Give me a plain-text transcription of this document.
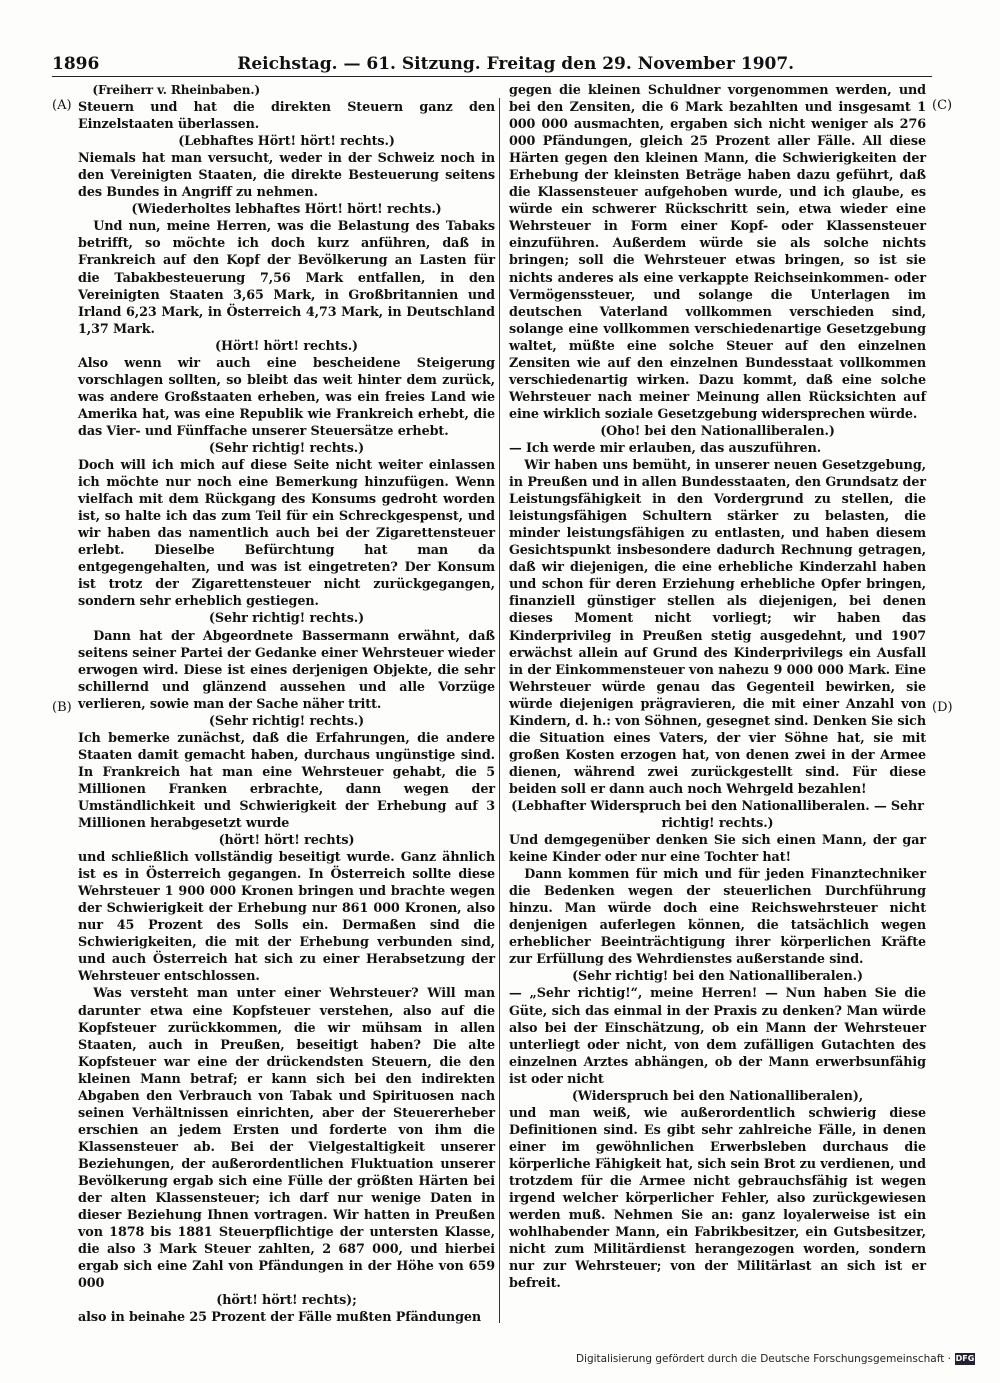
1896	Reichstag. — 61. Sitzung. Freitag den 29. November 1907.
(A)
(B)
(C)
(D)

(Freiherr v. Rheinbaben.)

Steuern und hat die direkten Steuern ganz den Einzelstaaten überlassen.

(Lebhaftes Hört! hört! rechts.)

Niemals hat man versucht, weder in der Schweiz noch in den Vereinigten Staaten, die direkte Besteuerung seitens des Bundes in Angriff zu nehmen.

(Wiederholtes lebhaftes Hört! hört! rechts.)

Und nun, meine Herren, was die Belastung des Tabaks betrifft, so möchte ich doch kurz anführen, daß in Frankreich auf den Kopf der Bevölkerung an Lasten für die Tabakbesteuerung 7,56 Mark entfallen, in den Vereinigten Staaten 3,65 Mark, in Großbritannien und Irland 6,23 Mark, in Österreich 4,73 Mark, in Deutschland 1,37 Mark.

(Hört! hört! rechts.)

Also wenn wir auch eine bescheidene Steigerung vorschlagen sollten, so bleibt das weit hinter dem zurück, was andere Großstaaten erheben, was ein freies Land wie Amerika hat, was eine Republik wie Frankreich erhebt, die das Vier- und Fünffache unserer Steuersätze erhebt.

(Sehr richtig! rechts.)

Doch will ich mich auf diese Seite nicht weiter einlassen ich möchte nur noch eine Bemerkung hinzufügen. Wenn vielfach mit dem Rückgang des Konsums gedroht worden ist, so halte ich das zum Teil für ein Schreckgespenst, und wir haben das namentlich auch bei der Zigarettensteuer erlebt. Dieselbe Befürchtung hat man da entgegengehalten, und was ist eingetreten? Der Konsum ist trotz der Zigarettensteuer nicht zurückgegangen, sondern sehr erheblich gestiegen.

(Sehr richtig! rechts.)

Dann hat der Abgeordnete Bassermann erwähnt, daß seitens seiner Partei der Gedanke einer Wehrsteuer wieder erwogen wird. Diese ist eines derjenigen Objekte, die sehr schillernd und glänzend aussehen und alle Vorzüge verlieren, sowie man der Sache näher tritt.

(Sehr richtig! rechts.)

Ich bemerke zunächst, daß die Erfahrungen, die andere Staaten damit gemacht haben, durchaus ungünstige sind. In Frankreich hat man eine Wehrsteuer gehabt, die 5 Millionen Franken erbrachte, dann wegen der Umständlichkeit und Schwierigkeit der Erhebung auf 3 Millionen herabgesetzt wurde

(hört! hört! rechts)

und schließlich vollständig beseitigt wurde. Ganz ähnlich ist es in Österreich gegangen. In Österreich sollte diese Wehrsteuer 1 900 000 Kronen bringen und brachte wegen der Schwierigkeit der Erhebung nur 861 000 Kronen, also nur 45 Prozent des Solls ein. Dermaßen sind die Schwierigkeiten, die mit der Erhebung verbunden sind, und auch Österreich hat sich zu einer Herabsetzung der Wehrsteuer entschlossen.

Was versteht man unter einer Wehrsteuer? Will man darunter etwa eine Kopfsteuer verstehen, also auf die Kopfsteuer zurückkommen, die wir mühsam in allen Staaten, auch in Preußen, beseitigt haben? Die alte Kopfsteuer war eine der drückendsten Steuern, die den kleinen Mann betraf; er kann sich bei den indirekten Abgaben den Verbrauch von Tabak und Spirituosen nach seinen Verhältnissen einrichten, aber der Steuererheber erschien an jedem Ersten und forderte von ihm die Klassensteuer ab. Bei der Vielgestaltigkeit unserer Beziehungen, der außerordentlichen Fluktuation unserer Bevölkerung ergab sich eine Fülle der größten Härten bei der alten Klassensteuer; ich darf nur wenige Daten in dieser Beziehung Ihnen vortragen. Wir hatten in Preußen von 1878 bis 1881 Steuerpflichtige der untersten Klasse, die also 3 Mark Steuer zahlten, 2 687 000, und hierbei ergab sich eine Zahl von Pfändungen in der Höhe von 659 000

(hört! hört! rechts);

also in beinahe 25 Prozent der Fälle mußten Pfändungen

gegen die kleinen Schuldner vorgenommen werden, und bei den Zensiten, die 6 Mark bezahlten und insgesamt 1 000 000 ausmachten, ergaben sich nicht weniger als 276 000 Pfändungen, gleich 25 Prozent aller Fälle. All diese Härten gegen den kleinen Mann, die Schwierigkeiten der Erhebung der kleinsten Beträge haben dazu geführt, daß die Klassensteuer aufgehoben wurde, und ich glaube, es würde ein schwerer Rückschritt sein, etwa wieder eine Wehrsteuer in Form einer Kopf- oder Klassensteuer einzuführen. Außerdem würde sie als solche nichts bringen; soll die Wehrsteuer etwas bringen, so ist sie nichts anderes als eine verkappte Reichseinkommen- oder Vermögenssteuer, und solange die Unterlagen im deutschen Vaterland vollkommen verschieden sind, solange eine vollkommen verschiedenartige Gesetzgebung waltet, müßte eine solche Steuer auf den einzelnen Zensiten wie auf den einzelnen Bundesstaat vollkommen verschiedenartig wirken. Dazu kommt, daß eine solche Wehrsteuer nach meiner Meinung allen Rücksichten auf eine wirklich soziale Gesetzgebung widersprechen würde.

(Oho! bei den Nationalliberalen.)

— Ich werde mir erlauben, das auszuführen.

Wir haben uns bemüht, in unserer neuen Gesetzgebung, in Preußen und in allen Bundesstaaten, den Grundsatz der Leistungsfähigkeit in den Vordergrund zu stellen, die leistungsfähigen Schultern stärker zu belasten, die minder leistungsfähigen zu entlasten, und haben diesem Gesichtspunkt insbesondere dadurch Rechnung getragen, daß wir diejenigen, die eine erhebliche Kinderzahl haben und schon für deren Erziehung erhebliche Opfer bringen, finanziell günstiger stellen als diejenigen, bei denen dieses Moment nicht vorliegt; wir haben das Kinderprivileg in Preußen stetig ausgedehnt, und 1907 erwächst allein auf Grund des Kinderprivilegs ein Ausfall in der Einkommensteuer von nahezu 9 000 000 Mark. Eine Wehrsteuer würde genau das Gegenteil bewirken, sie würde diejenigen prägravieren, die mit einer Anzahl von Kindern, d. h.: von Söhnen, gesegnet sind. Denken Sie sich die Situation eines Vaters, der vier Söhne hat, sie mit großen Kosten erzogen hat, von denen zwei in der Armee dienen, während zwei zurückgestellt sind. Für diese beiden soll er dann auch noch Wehrgeld bezahlen!

(Lebhafter Widerspruch bei den Nationalliberalen. — Sehr richtig! rechts.)

Und demgegenüber denken Sie sich einen Mann, der gar keine Kinder oder nur eine Tochter hat!

Dann kommen für mich und für jeden Finanztechniker die Bedenken wegen der steuerlichen Durchführung hinzu. Man würde doch eine Reichswehrsteuer nicht denjenigen auferlegen können, die tatsächlich wegen erheblicher Beeinträchtigung ihrer körperlichen Kräfte zur Erfüllung des Wehrdienstes außerstande sind.

(Sehr richtig! bei den Nationalliberalen.)

— „Sehr richtig!“, meine Herren! — Nun haben Sie die Güte, sich das einmal in der Praxis zu denken? Man würde also bei der Einschätzung, ob ein Mann der Wehrsteuer unterliegt oder nicht, von dem zufälligen Gutachten des einzelnen Arztes abhängen, ob der Mann erwerbsunfähig ist oder nicht

(Widerspruch bei den Nationalliberalen),

und man weiß, wie außerordentlich schwierig diese Definitionen sind. Es gibt sehr zahlreiche Fälle, in denen einer im gewöhnlichen Erwerbsleben durchaus die körperliche Fähigkeit hat, sich sein Brot zu verdienen, und trotzdem für die Armee nicht gebrauchsfähig ist wegen irgend welcher körperlicher Fehler, also zurückgewiesen werden muß. Nehmen Sie an: ganz loyalerweise ist ein wohlhabender Mann, ein Fabrikbesitzer, ein Gutsbesitzer, nicht zum Militärdienst herangezogen worden, sondern nur zur Wehrsteuer; von der Militärlast an sich ist er befreit.

Digitalisierung gefördert durch die Deutsche Forschungsgemeinschaft · DFG
